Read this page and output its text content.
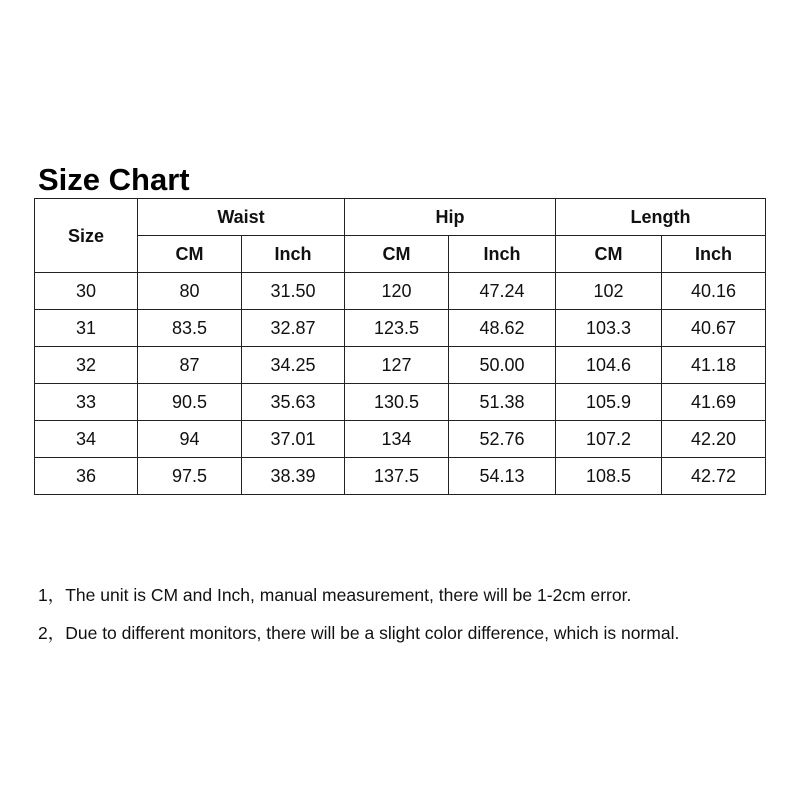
Size Chart
Size	Waist		Hip		Length	
	CM	Inch	CM	Inch	CM	Inch
30	80	31.50	120	47.24	102	40.16
31	83.5	32.87	123.5	48.62	103.3	40.67
32	87	34.25	127	50.00	104.6	41.18
33	90.5	35.63	130.5	51.38	105.9	41.69
34	94	37.01	134	52.76	107.2	42.20
36	97.5	38.39	137.5	54.13	108.5	42.72
1，The unit is CM and Inch, manual measurement, there will be 1-2cm error.
2，Due to different monitors, there will be a slight color difference, which is normal.
